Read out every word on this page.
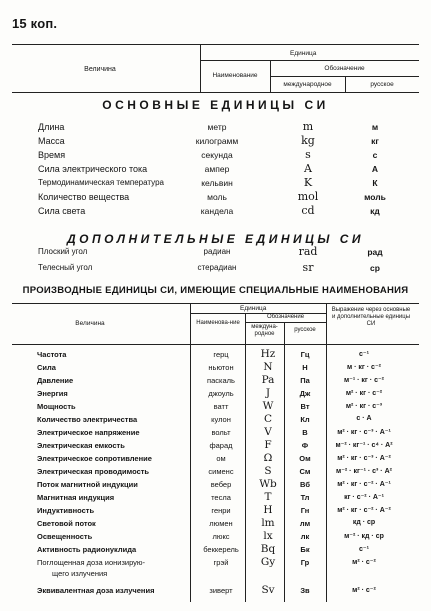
15 коп.
Величина
Единица
Наименование
Обозначение
международное	русское
ОСНОВНЫЕ ЕДИНИЦЫ СИ
Длина	метр	m	м
Масса	килограмм	kg	кг
Время	секунда	s	с
Сила электрического тока	ампер	A	А
Термодинамическая температура	кельвин	K	К
Количество вещества	моль	mol	моль
Сила света	кандела	cd	кд
ДОПОЛНИТЕЛЬНЫЕ ЕДИНИЦЫ СИ
Плоский угол	радиан	rad	рад
Телесный угол	стерадиан	sr	ср
ПРОИЗВОДНЫЕ ЕДИНИЦЫ СИ, ИМЕЮЩИЕ СПЕЦИАЛЬНЫЕ НАИМЕНОВАНИЯ
Величина
Единица
Наименова-ние
Обозначение
междуна-родное
русское
Выражение через основные и дополнительные единицы СИ
Частота	герц	Hz	Гц	с⁻¹
Сила	ньютон	N	Н	м · кг · с⁻²
Давление	паскаль	Pa	Па	м⁻¹ · кг · с⁻²
Энергия	джоуль	J	Дж	м² · кг · с⁻²
Мощность	ватт	W	Вт	м² · кг · с⁻³
Количество электричества	кулон	C	Кл	с · А
Электрическое напряжение	вольт	V	В	м² · кг · с⁻³ · А⁻¹
Электрическая емкость	фарад	F	Ф	м⁻² · кг⁻¹ · с⁴ · А²
Электрическое сопротивление	ом	Ω	Ом	м² · кг · с⁻³ · А⁻²
Электрическая проводимость	сименс	S	См	м⁻² · кг⁻¹ · с³ · А²
Поток магнитной индукции	вебер	Wb	Вб	м² · кг · с⁻² · А⁻¹
Магнитная индукция	тесла	T	Тл	кг · с⁻² · А⁻¹
Индуктивность	генри	H	Гн	м² · кг · с⁻² · А⁻²
Световой поток	люмен	lm	лм	кд · ср
Освещенность	люкс	lx	лк	м⁻² · кд · ср
Активность радионуклида	беккерель	Bq	Бк	с⁻¹
Поглощенная доза ионизирую-
щего излучения
грэй	Gy	Гр	м² · с⁻²
Эквивалентная доза излучения	зиверт	Sv	Зв	м² · с⁻²
